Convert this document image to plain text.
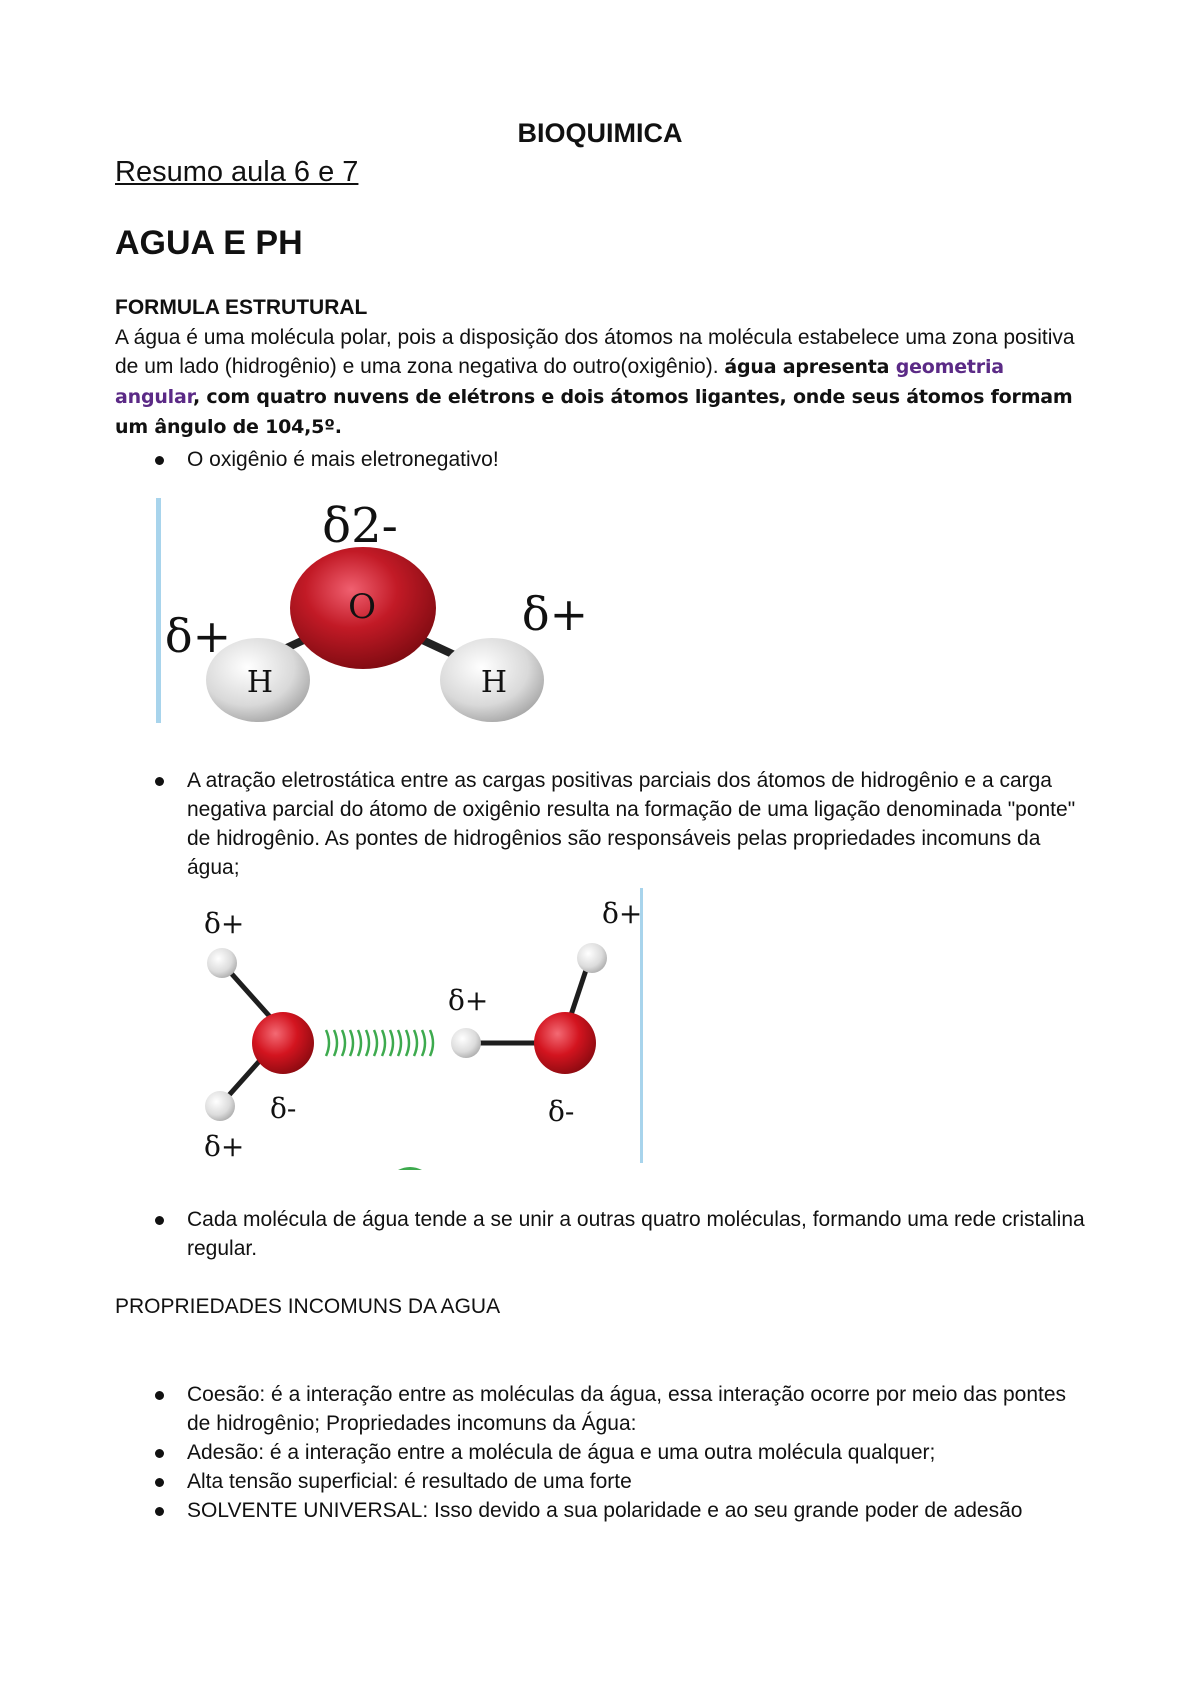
BIOQUIMICA
Resumo aula 6 e 7
AGUA E PH
FORMULA ESTRUTURAL
A água é uma molécula polar, pois a disposição dos átomos na molécula estabelece uma zona positiva de um lado (hidrogênio) e uma zona negativa do outro(oxigênio). água apresenta geometria angular, com quatro nuvens de elétrons e dois átomos ligantes, onde seus átomos formam um ângulo de 104,5º.
O oxigênio é mais eletronegativo!
O
H	H
δ2-
δ+	δ+
A atração eletrostática entre as cargas positivas parciais dos átomos de hidrogênio e a carga negativa parcial do átomo de oxigênio resulta na formação de uma ligação denominada "ponte" de hidrogênio. As pontes de hidrogênios são responsáveis pelas propriedades incomuns da água;
δ+
δ+
δ-
δ+
δ-
δ+
Cada molécula de água tende a se unir a outras quatro moléculas, formando uma rede cristalina regular.
PROPRIEDADES INCOMUNS DA AGUA
Coesão: é a interação entre as moléculas da água, essa interação ocorre por meio das pontes de hidrogênio; Propriedades incomuns da Água:
Adesão: é a interação entre a molécula de água e uma outra molécula qualquer;
Alta tensão superficial: é resultado de uma forte
SOLVENTE UNIVERSAL: Isso devido a sua polaridade e ao seu grande poder de adesão
